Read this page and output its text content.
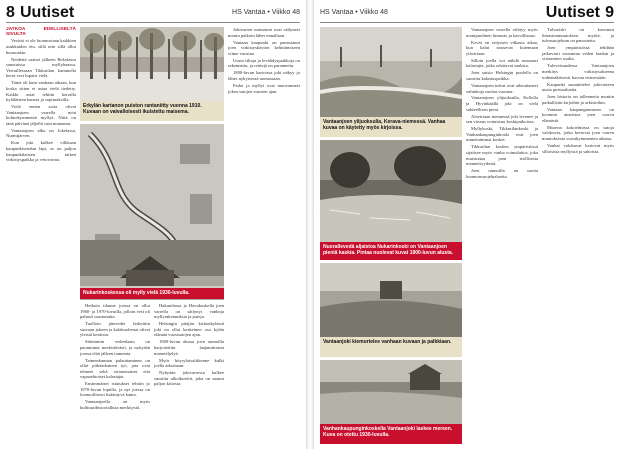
8 Uutiset	HS Vantaa • Viikko 48

JATKOA EDELLISELTÄ SIVULTA

Vesistö ei ole luonnostaan kaikkien asukkaiden etu, sillä niin sillä ollut huonoakin.

Neidettä saattoi jälkeen Rekolassa sanotuissa myllyhaassa. Vieraillessaan Tikkurilan kartanolla herra vesi lupaisi vielä.

Tämä oli kuin vanhaan aikaan, kun koska sitten ei asiaa vielä tiedetty. Kaikki asiat tehtiin kerralla kyläläisten kanssa ja sopimuksilla.

Vielä ennen sotia olivat Vantaanjoen varrella noin kolmekymmentä myllyä. Niitä on tänä päivänä jäljellä vain muutama.

Vantaanjoen alku on Jokelassa, Nurmijärven.

Kun joki kulkee vilkkaan kaupunkiseudun läpi, se on paljon kaupunkilaisten tärkeä virkistyspaikka ja vetovoima.

Erkylän kartanon puiston rantaniitty vuonna 1910. Kuvaan on vaivalloisesti ikuistettu maisema.
Nukarinkoskessa oli mylly vielä 1930-luvulla.

Heikoin tilanne joessa on ollut 1960- ja 1970-luvuilla, jolloin vesi oli pahasti saastunutta.

Tuolloin jätevedet laskettiin suoraan jokeen ja kalakuolemat olivat yleisiä kesäisin.

Sittemmin vedenlaatu on parantunut merkittävästi, ja nykyään joessa elää jälleen taimenia.

Taimenkannan palauttaminen on ollut pitkäaikainen työ, jota ovat tehneet sekä viranomaiset että vapaaehtoiset kalastajat.

Ensimmäiset istutukset tehtiin jo 1970-luvun lopulla, ja nyt joessa on luonnollisesti lisääntyvä kanta.

Vantaanjoella on myös kulttuurihistoriallista merkitystä.

Hakunilassa ja Havukoskella joen varrella on säilynyt vanhoja myllyrakennuksia ja patoja.

Helsingin pitäjän kirkonkylässä joki on ollut keskeinen osa kylän elämää vuosisatojen ajan.

1900-luvun alussa joen rannoilla harjoitettiin laajamittaista maanviljelyä.

Myös höyrylaivaliikenne kulki joella aikoinaan.

Nykyään jokivarressa kulkee suosittu ulkoilureitti, joka on saanut paljon kiitosta.

Jokivarren maisemat ovat säilyneet monin paikoin lähes ennallaan.

Vantaan kaupunki on panostanut joen virkistyskäytön kehittämiseen viime vuosina.

Uusia siltoja ja levähdyspaikkoja on rakennettu, ja reittejä on parannettu.

1800-luvun kartoissa joki näkyy jo lähes nykyisessä uomassaan.

Padot ja myllyt ovat muovanneet jokea satojen vuosien ajan.

HS Vantaa • Viikko 48	Uutiset 9
Vantaanjoen ylijuoksulla, Kerava-niemessä. Vanhaa kuvaa on käytetty myös kirjoissa.

Nuorallevedä aljaistoa Nukarinkoski on Vantaanjoen pieniä kaskia. Pintaa nuolevat kuvat 1900-luvun alusta.
Vantaanjoki kiemurtelee vanhaan kuvaan ja palkkiaan.
Vanhankaupunginkoskella Vantaanjoki laskee mereen. Kuva on otettu 1930-luvulla.

Vantaanjoen varrella viihtyy myös monipuolinen linnusto ja kasvillisuus.

Kevät on erityisen vilkasta aikaa, kun kalat nousevat kutemaan ylävirtaan.

Silloin joella voi nähdä runsaasti kalastajia, jotka odottavat saalista.

Joen suisto Helsingin puolella on suosittu kalastuspaikka.

Vantaanjoen tulvat ovat aiheuttaneet vahinkoja useina vuosina.

Vantaanjoen ylijuoksulla, Kellolla ja Hyvinkäällä joki on vielä suhteellisen pieni.

Alavirtaan mennessä joki levenee ja sen virtaus voimistuu koskipaikoissa.

Myllykoski, Tikkurilankoski ja Vanhankaupunginkoski ovat joen tunnetuimmat kosket.

Tikkurilan kosken ympäristössä sijaitsee myös vanha voimalaitos, joka muistuttaa joen teollisesta menneisyydestä.

Joen rannoilla on useita luonnonsuojelualueita.

Tulvariski on kasvanut ilmastonmuutoksen myötä, ja tulvasuojeluun on panostettu.

Joen ympäristössä tehdään jatkuvasti seurantaa veden laadun ja virtaamien osalta.

Tulevaisuudessa Vantaanjoen merkitys virkistysalueena todennäköisesti kasvaa entisestään.

Kaupunki suunnittelee jokivarteen uusia puistoalueita.

Joen historia on tallennettu moniin paikallisiin kirjoihin ja arkistoihin.

Vantaan kaupunginmuseo on koonnut aineistoa joen varren elämästä.

Museon kokoelmissa on satoja valokuvia, jotka kertovat joen varren muutoksesta vuosikymmenten aikana.

Vanhat valokuvat kertovat myös silloisista myllyistä ja sahoista.
